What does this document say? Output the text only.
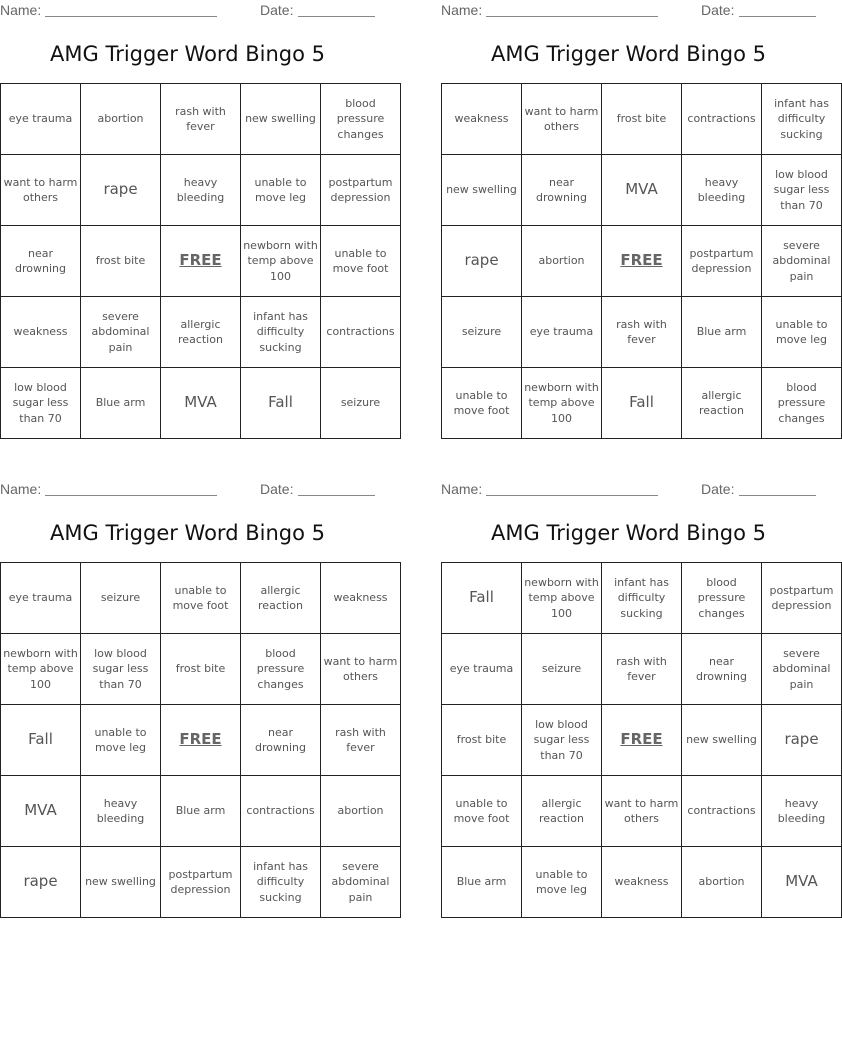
Name:	Date:
AMG Trigger Word Bingo 5
eye trauma	abortion	rash with fever	new swelling	blood pressure changes
want to harm others	rape	heavy bleeding	unable to move leg	postpartum depression
near drowning	frost bite	FREE	newborn with temp above 100	unable to move foot
weakness	severe abdominal pain	allergic reaction	infant has difficulty sucking	contractions
low blood sugar less than 70	Blue arm	MVA	Fall	seizure
Name:	Date:
AMG Trigger Word Bingo 5
weakness	want to harm others	frost bite	contractions	infant has difficulty sucking
new swelling	near drowning	MVA	heavy bleeding	low blood sugar less than 70
rape	abortion	FREE	postpartum depression	severe abdominal pain
seizure	eye trauma	rash with fever	Blue arm	unable to move leg
unable to move foot	newborn with temp above 100	Fall	allergic reaction	blood pressure changes
Name:	Date:
AMG Trigger Word Bingo 5
eye trauma	seizure	unable to move foot	allergic reaction	weakness
newborn with temp above 100	low blood sugar less than 70	frost bite	blood pressure changes	want to harm others
Fall	unable to move leg	FREE	near drowning	rash with fever
MVA	heavy bleeding	Blue arm	contractions	abortion
rape	new swelling	postpartum depression	infant has difficulty sucking	severe abdominal pain
Name:	Date:
AMG Trigger Word Bingo 5
Fall	newborn with temp above 100	infant has difficulty sucking	blood pressure changes	postpartum depression
eye trauma	seizure	rash with fever	near drowning	severe abdominal pain
frost bite	low blood sugar less than 70	FREE	new swelling	rape
unable to move foot	allergic reaction	want to harm others	contractions	heavy bleeding
Blue arm	unable to move leg	weakness	abortion	MVA
